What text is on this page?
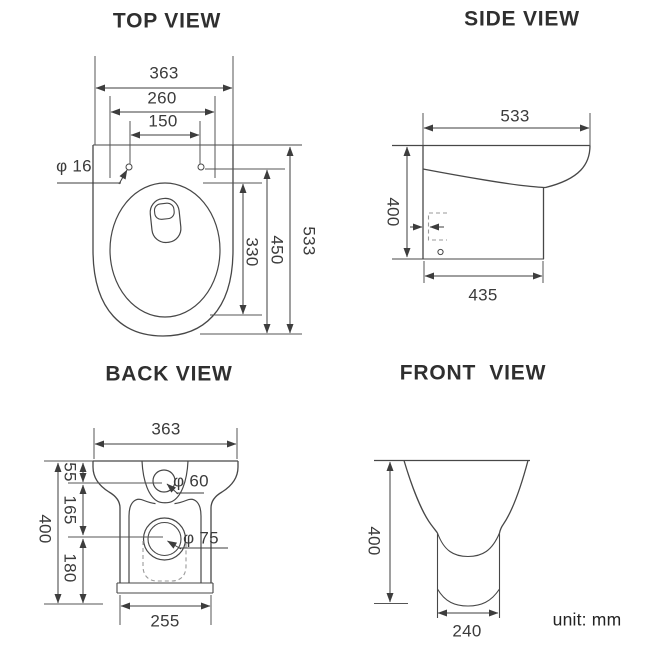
TOP VIEW	SIDE VIEW
BACK VIEW	FRONT  VIEW
363
260
150
φ 16
330 450 533
533
400
435
363
55
165
180
400
φ 60
φ 75
255
400
240
unit: mm
